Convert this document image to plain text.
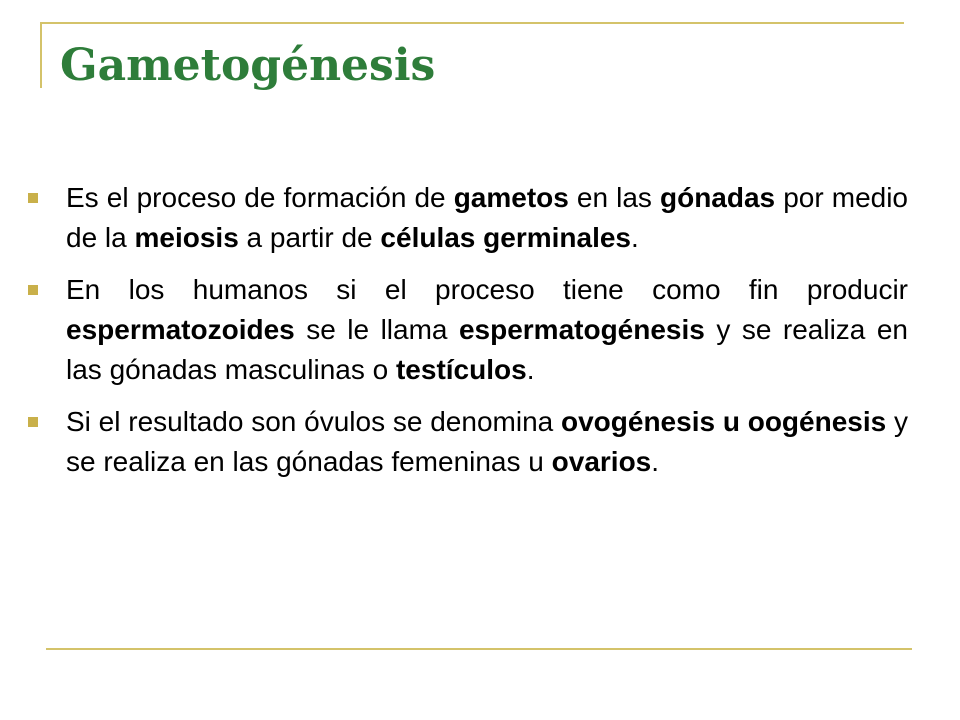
Gametogénesis
Es el proceso de formación de gametos en las gónadas por medio de la meiosis a partir de células germinales.
En los humanos si el proceso tiene como fin producir espermatozoides se le llama espermatogénesis y se realiza en las gónadas masculinas o testículos.
Si el resultado son óvulos se denomina ovogénesis u oogénesis y se realiza en las gónadas femeninas u ovarios.
